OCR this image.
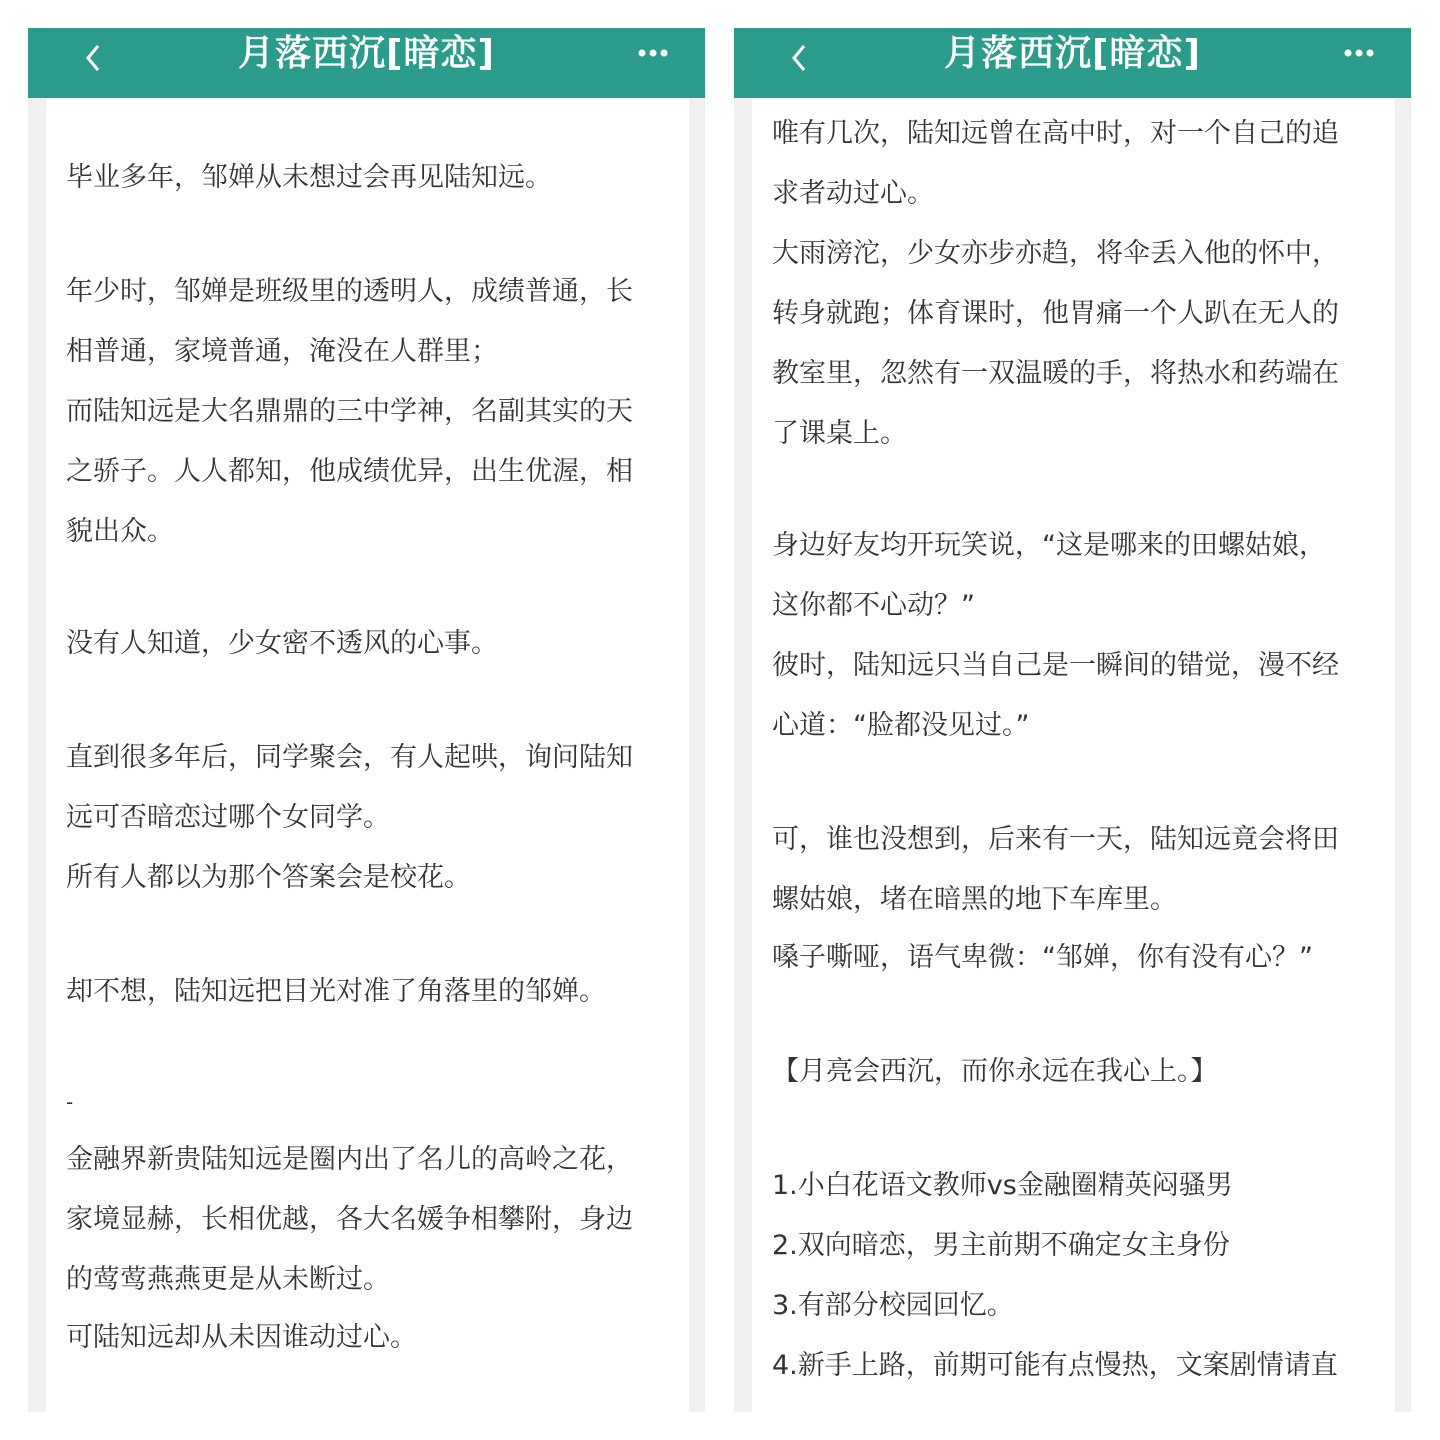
月落西沉[暗恋]

毕业多年，邹婵从未想过会再见陆知远。

年少时，邹婵是班级里的透明人，成绩普通，长
相普通，家境普通，淹没在人群里；

而陆知远是大名鼎鼎的三中学神，名副其实的天
之骄子。人人都知，他成绩优异，出生优渥，相
貌出众。

没有人知道，少女密不透风的心事。

直到很多年后，同学聚会，有人起哄，询问陆知
远可否暗恋过哪个女同学。

所有人都以为那个答案会是校花。

却不想，陆知远把目光对准了角落里的邹婵。

-

金融界新贵陆知远是圈内出了名儿的高岭之花，
家境显赫，长相优越，各大名媛争相攀附，身边
的莺莺燕燕更是从未断过。

可陆知远却从未因谁动过心。

月落西沉[暗恋]

唯有几次，陆知远曾在高中时，对一个自己的追
求者动过心。

大雨滂沱，少女亦步亦趋，将伞丢入他的怀中，
转身就跑；体育课时，他胃痛一个人趴在无人的
教室里，忽然有一双温暖的手，将热水和药端在
了课桌上。

身边好友均开玩笑说，“这是哪来的田螺姑娘，
这你都不心动？”

彼时，陆知远只当自己是一瞬间的错觉，漫不经
心道：“脸都没见过。”

可，谁也没想到，后来有一天，陆知远竟会将田
螺姑娘，堵在暗黑的地下车库里。

嗓子嘶哑，语气卑微：“邹婵，你有没有心？”

【月亮会西沉，而你永远在我心上。】

1.小白花语文教师vs金融圈精英闷骚男

2.双向暗恋，男主前期不确定女主身份

3.有部分校园回忆。

4.新手上路，前期可能有点慢热，文案剧情请直
